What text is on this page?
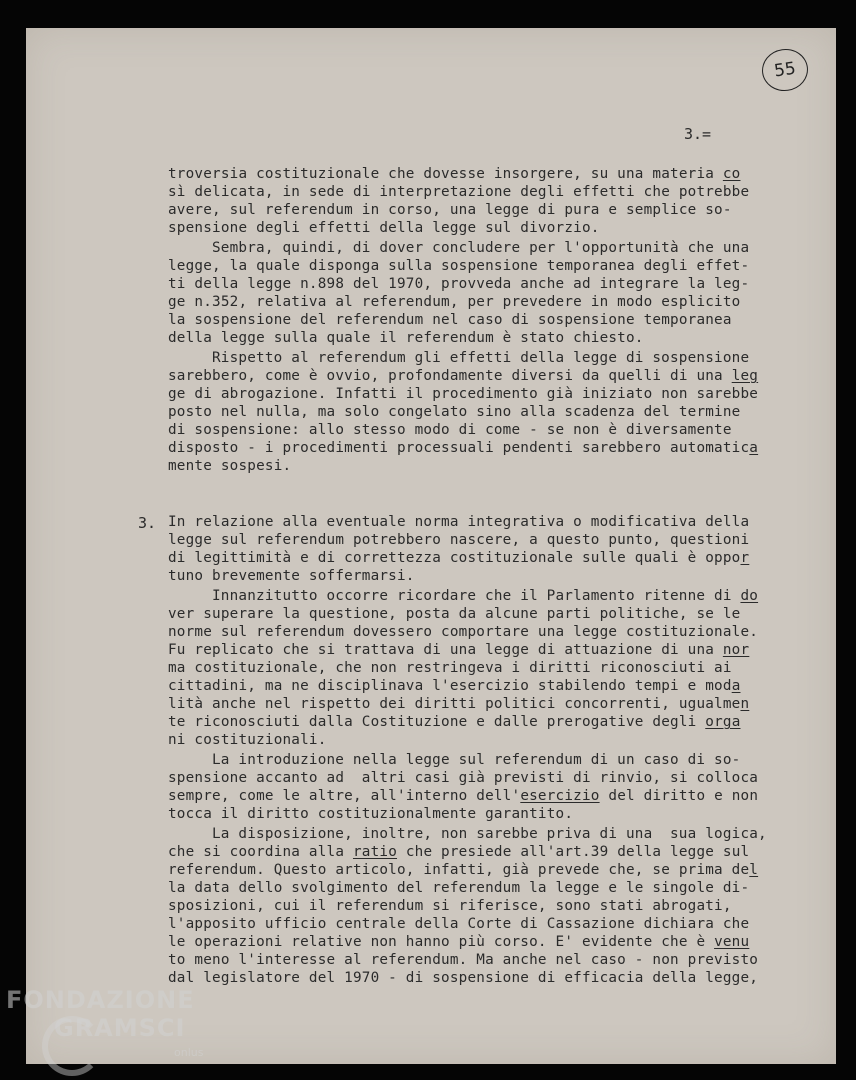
55
3.=
3.
troversia costituzionale che dovesse insorgere, su una materia co
sì delicata, in sede di interpretazione degli effetti che potrebbe
avere, sul referendum in corso, una legge di pura e semplice so-
spensione degli effetti della legge sul divorzio.
Sembra, quindi, di dover concludere per l'opportunità che una
legge, la quale disponga sulla sospensione temporanea degli effet-
ti della legge n.898 del 1970, provveda anche ad integrare la leg-
ge n.352, relativa al referendum, per prevedere in modo esplicito
la sospensione del referendum nel caso di sospensione temporanea
della legge sulla quale il referendum è stato chiesto.
Rispetto al referendum gli effetti della legge di sospensione
sarebbero, come è ovvio, profondamente diversi da quelli di una leg
ge di abrogazione. Infatti il procedimento già iniziato non sarebbe
posto nel nulla, ma solo congelato sino alla scadenza del termine
di sospensione: allo stesso modo di come - se non è diversamente
disposto - i procedimenti processuali pendenti sarebbero automatica
mente sospesi.
In relazione alla eventuale norma integrativa o modificativa della
legge sul referendum potrebbero nascere, a questo punto, questioni
di legittimità e di correttezza costituzionale sulle quali è oppor
tuno brevemente soffermarsi.
Innanzitutto occorre ricordare che il Parlamento ritenne di do
ver superare la questione, posta da alcune parti politiche, se le
norme sul referendum dovessero comportare una legge costituzionale.
Fu replicato che si trattava di una legge di attuazione di una nor
ma costituzionale, che non restringeva i diritti riconosciuti ai
cittadini, ma ne disciplinava l'esercizio stabilendo tempi e moda
lità anche nel rispetto dei diritti politici concorrenti, ugualmen
te riconosciuti dalla Costituzione e dalle prerogative degli orga
ni costituzionali.
La introduzione nella legge sul referendum di un caso di so-
spensione accanto ad  altri casi già previsti di rinvio, si colloca
sempre, come le altre, all'interno dell'esercizio del diritto e non
tocca il diritto costituzionalmente garantito.
La disposizione, inoltre, non sarebbe priva di una  sua logica,
che si coordina alla ratio che presiede all'art.39 della legge sul
referendum. Questo articolo, infatti, già prevede che, se prima del
la data dello svolgimento del referendum la legge e le singole di-
sposizioni, cui il referendum si riferisce, sono stati abrogati,
l'apposito ufficio centrale della Corte di Cassazione dichiara che
le operazioni relative non hanno più corso. E' evidente che è venu
to meno l'interesse al referendum. Ma anche nel caso - non previsto
dal legislatore del 1970 - di sospensione di efficacia della legge,
FONDAZIONE
GRAMSCI
onlus
